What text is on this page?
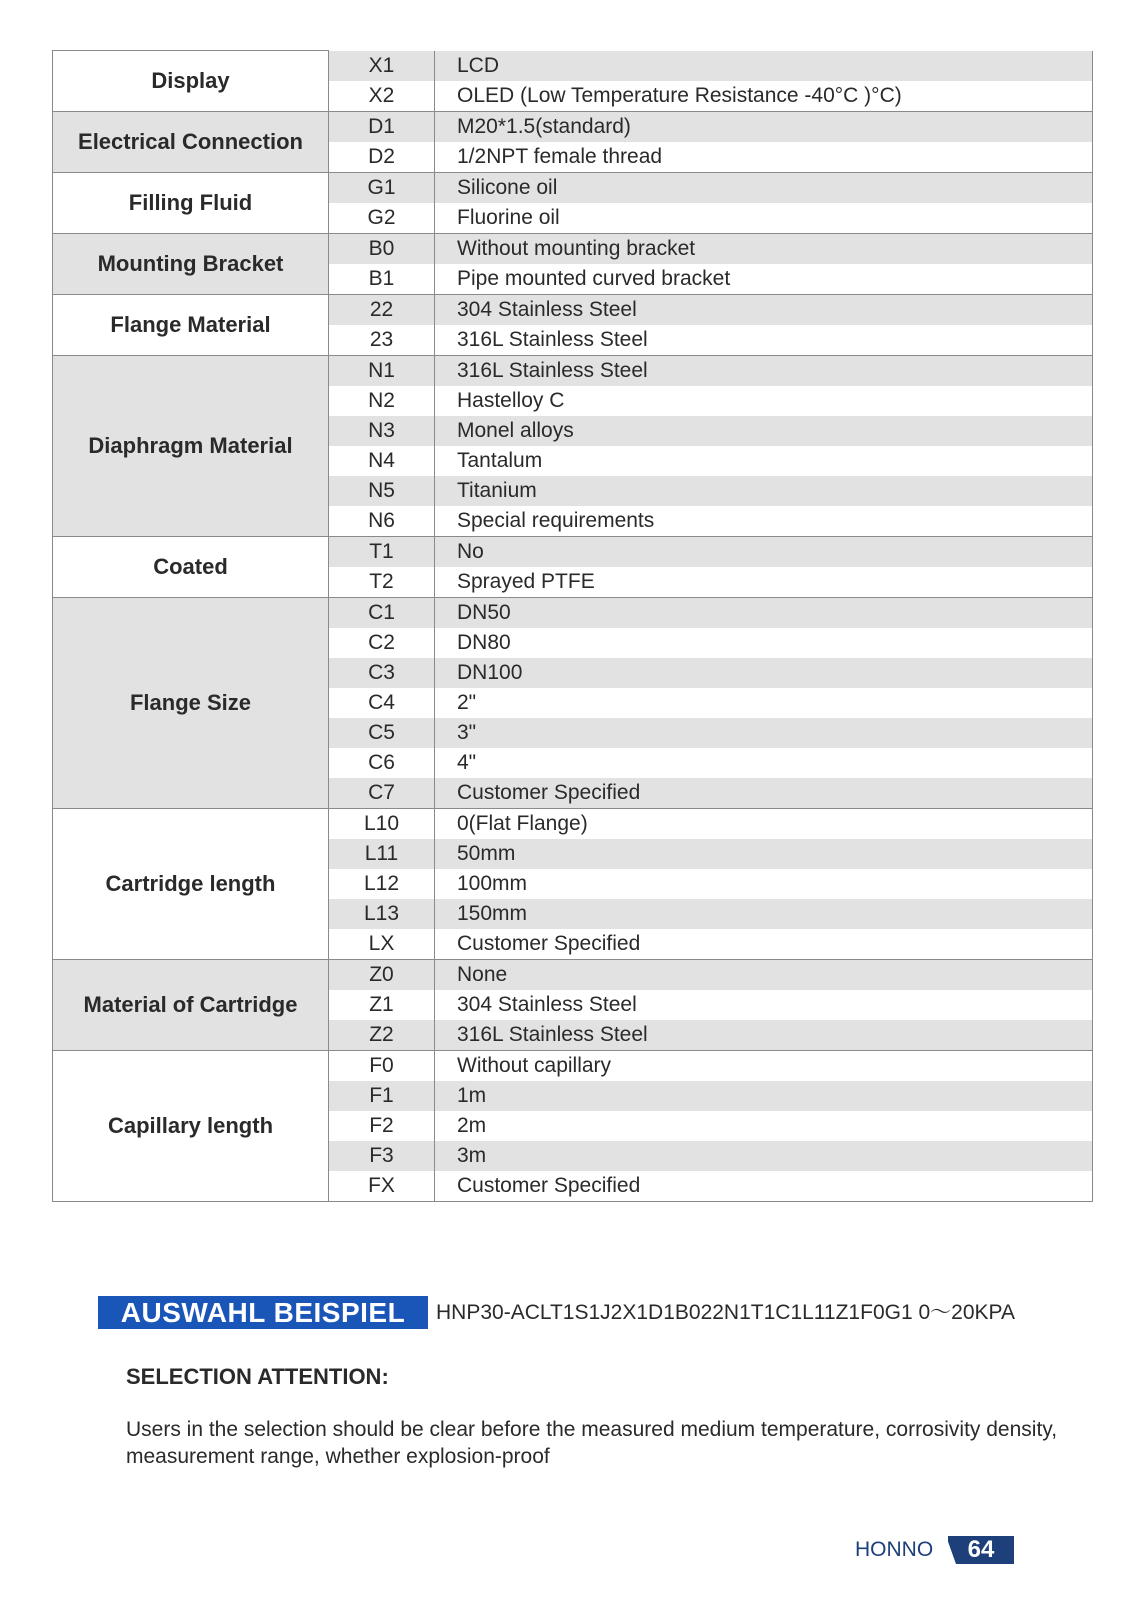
Display	X1	LCD
	X2	OLED (Low Temperature Resistance -40°C )°C)
Electrical Connection	D1	M20*1.5(standard)
	D2	1/2NPT female thread
Filling Fluid	G1	Silicone oil
	G2	Fluorine oil
Mounting Bracket	B0	Without mounting bracket
	B1	Pipe mounted curved bracket
Flange Material	22	304 Stainless Steel
	23	316L Stainless Steel
Diaphragm Material	N1	316L Stainless Steel
	N2	Hastelloy C
	N3	Monel alloys
	N4	Tantalum
	N5	Titanium
	N6	Special requirements
Coated	T1	No
	T2	Sprayed PTFE
Flange Size	C1	DN50
	C2	DN80
	C3	DN100
	C4	2"
	C5	3"
	C6	4"
	C7	Customer Specified
Cartridge length	L10	0(Flat Flange)
	L11	50mm
	L12	100mm
	L13	150mm
	LX	Customer Specified
Material of Cartridge	Z0	None
	Z1	304 Stainless Steel
	Z2	316L Stainless Steel
Capillary length	F0	Without capillary
	F1	1m
	F2	2m
	F3	3m
	FX	Customer Specified
AUSWAHL BEISPIEL	HNP30-ACLT1S1J2X1D1B022N1T1C1L11Z1F0G1 0～20KPA
SELECTION ATTENTION:
Users in the selection should be clear before the measured medium temperature, corrosivity density, measurement range, whether explosion-proof
HONNO	64
